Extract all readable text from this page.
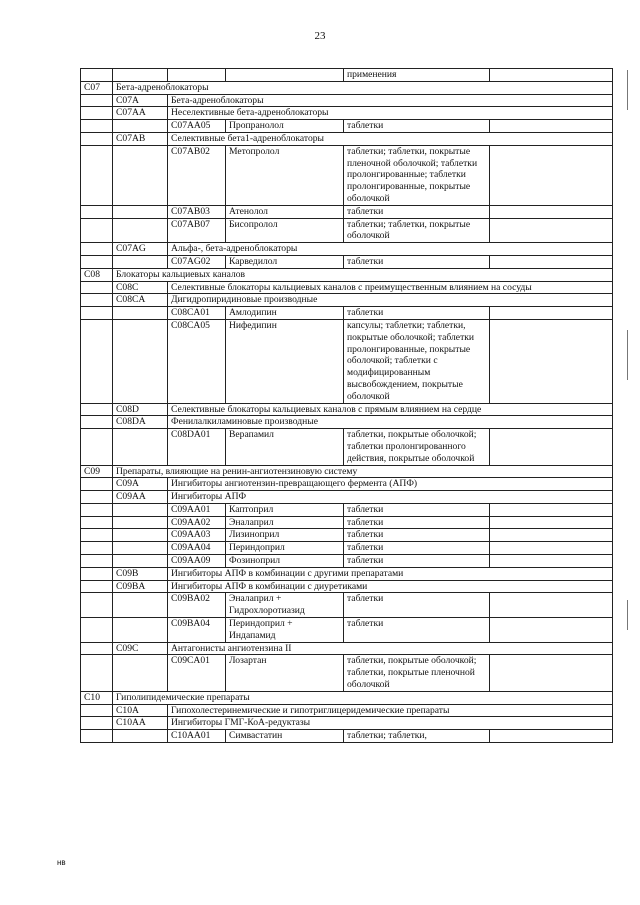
23
				применения	
C07	Бета-адреноблокаторы				
	C07A	Бета-адреноблокаторы			
	C07AA	Неселективные бета-адреноблокаторы			
		C07AA05	Пропранолол	таблетки	
	C07AB	Селективные бета1-адреноблокаторы			
		C07AB02	Метопролол	таблетки; таблетки, покрытые пленочной оболочкой; таблетки пролонгированные; таблетки пролонгированные, покрытые оболочкой	
		C07AB03	Атенолол	таблетки	
		C07AB07	Бисопролол	таблетки; таблетки, покрытые оболочкой	
	C07AG	Альфа-, бета-адреноблокаторы			
		C07AG02	Карведилол	таблетки	
C08	Блокаторы кальциевых каналов				
	C08C	Селективные блокаторы кальциевых каналов с преимущественным влиянием на сосуды			
	C08CA	Дигидропиридиновые производные			
		C08CA01	Амлодипин	таблетки	
		C08CA05	Нифедипин	капсулы; таблетки; таблетки, покрытые оболочкой; таблетки пролонгированные, покрытые оболочкой; таблетки с модифицированным высвобождением, покрытые оболочкой	
	C08D	Селективные блокаторы кальциевых каналов с прямым влиянием на сердце			
	C08DA	Фенилалкиламиновые производные			
		C08DA01	Верапамил	таблетки, покрытые оболочкой; таблетки пролонгированного действия, покрытые оболочкой	
C09	Препараты, влияющие на ренин-ангиотензиновую систему				
	C09A	Ингибиторы ангиотензин-превращающего фермента (АПФ)			
	C09AA	Ингибиторы АПФ			
		C09AA01	Каптоприл	таблетки	
		C09AA02	Эналаприл	таблетки	
		C09AA03	Лизиноприл	таблетки	
		C09AA04	Периндоприл	таблетки	
		C09AA09	Фозиноприл	таблетки	
	C09B	Ингибиторы АПФ в комбинации с другими препаратами			
	C09BA	Ингибиторы АПФ в комбинации с диуретиками			
		C09BA02	Эналаприл + Гидрохлоротиазид	таблетки	
		C09BA04	Периндоприл + Индапамид	таблетки	
	C09C	Антагонисты ангиотензина II			
		C09CA01	Лозартан	таблетки, покрытые оболочкой; таблетки, покрытые пленочной оболочкой	
C10	Гиполипидемические препараты				
	C10A	Гипохолестеринемические и гипотриглицеридемические препараты			
	C10AA	Ингибиторы ГМГ-КоА-редуктазы			
		C10AA01	Симвастатин	таблетки; таблетки,	
нв
